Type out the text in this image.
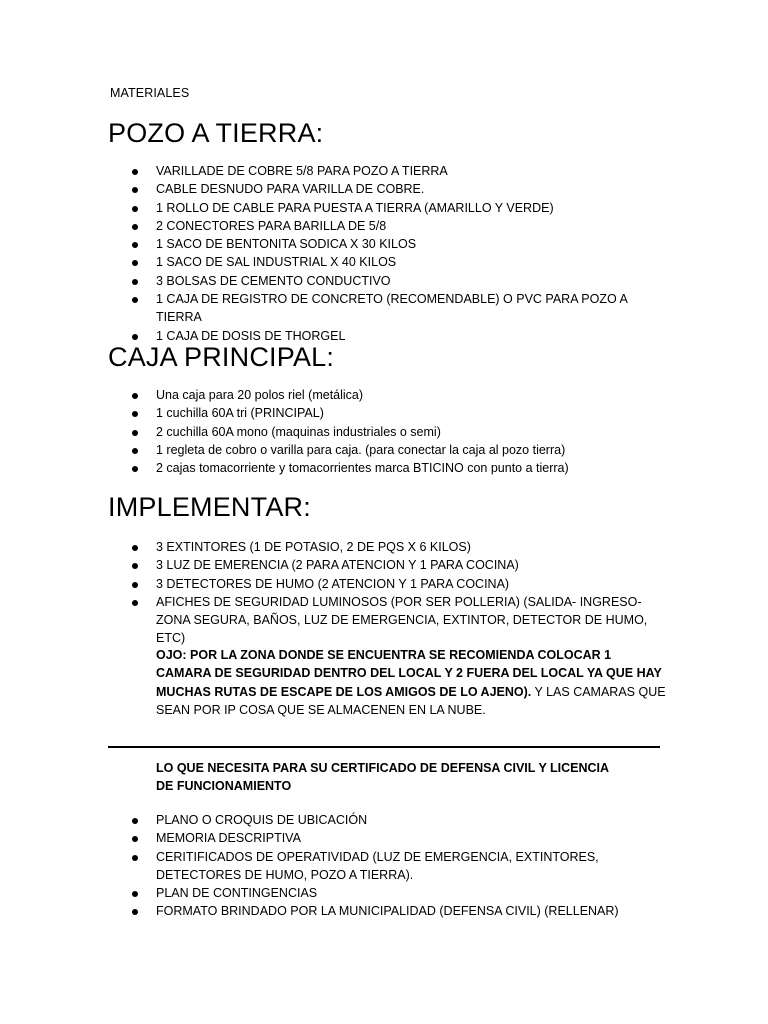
MATERIALES
POZO A TIERRA:
VARILLADE DE COBRE 5/8 PARA POZO A TIERRA
CABLE DESNUDO PARA VARILLA DE COBRE.
1 ROLLO DE CABLE PARA PUESTA A TIERRA (AMARILLO Y VERDE)
2 CONECTORES PARA BARILLA DE 5/8
1 SACO DE BENTONITA SODICA X 30 KILOS
1 SACO DE SAL INDUSTRIAL X 40 KILOS
3 BOLSAS DE CEMENTO CONDUCTIVO
1 CAJA DE REGISTRO DE CONCRETO (RECOMENDABLE) O PVC PARA POZO A TIERRA
1 CAJA DE DOSIS DE THORGEL
CAJA PRINCIPAL:
Una caja para 20 polos riel (metálica)
1 cuchilla 60A tri (PRINCIPAL)
2 cuchilla 60A mono (maquinas industriales o semi)
1 regleta de cobro o varilla para caja. (para conectar la caja al pozo tierra)
2 cajas tomacorriente y tomacorrientes marca BTICINO con punto a tierra)
IMPLEMENTAR:
3 EXTINTORES (1 DE POTASIO, 2 DE PQS X 6 KILOS)
3 LUZ DE EMERENCIA (2 PARA ATENCION Y 1 PARA COCINA)
3 DETECTORES DE HUMO (2 ATENCION Y 1 PARA COCINA)
AFICHES DE SEGURIDAD LUMINOSOS (POR SER POLLERIA) (SALIDA- INGRESO- ZONA SEGURA, BAÑOS, LUZ DE EMERGENCIA, EXTINTOR, DETECTOR DE HUMO, ETC)
OJO: POR LA ZONA DONDE SE ENCUENTRA SE RECOMIENDA COLOCAR 1 CAMARA DE SEGURIDAD DENTRO DEL LOCAL Y 2 FUERA DEL LOCAL YA QUE HAY MUCHAS RUTAS DE ESCAPE DE LOS AMIGOS DE LO AJENO). Y LAS CAMARAS QUE SEAN POR IP COSA QUE SE ALMACENEN EN LA NUBE.
LO QUE NECESITA PARA SU CERTIFICADO DE DEFENSA CIVIL Y LICENCIA DE FUNCIONAMIENTO
PLANO O CROQUIS DE UBICACIÓN
MEMORIA DESCRIPTIVA
CERITIFICADOS DE OPERATIVIDAD (LUZ DE EMERGENCIA, EXTINTORES, DETECTORES DE HUMO, POZO A TIERRA).
PLAN DE CONTINGENCIAS
FORMATO BRINDADO POR LA MUNICIPALIDAD (DEFENSA CIVIL) (RELLENAR)
